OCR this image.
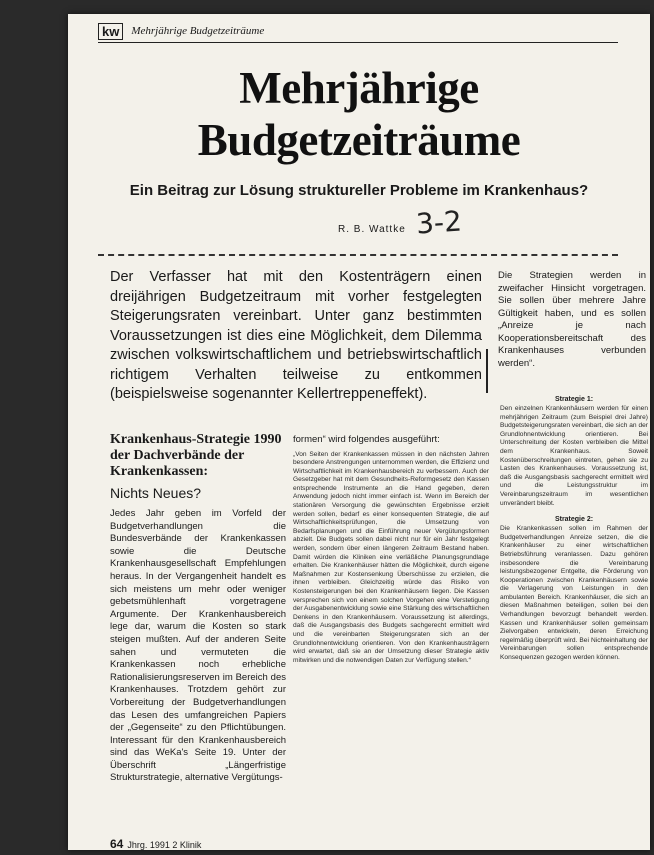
kw	Mehrjährige Budgetzeiträume
Mehrjährige
Budgetzeiträume
Ein Beitrag zur Lösung struktureller Probleme im Krankenhaus?
R. B. Wattke 3-2
Der Verfasser hat mit den Kostenträgern einen dreijährigen Budgetzeitraum mit vorher festgelegten Steigerungsraten vereinbart. Unter ganz bestimmten Voraussetzungen ist dies eine Möglichkeit, dem Dilemma zwischen volkswirtschaftlichem und betriebswirtschaftlich richtigem Verhalten teilweise zu entkommen (beispielsweise sogenannter Kellertreppeneffekt).
Die Strategien werden in zweifacher Hinsicht vorgetragen. Sie sollen über mehrere Jahre Gültigkeit haben, und es sollen „Anreize je nach Kooperationsbereitschaft des Krankenhauses verbunden werden“.
Krankenhaus-Strategie 1990 der Dachverbände der Krankenkassen:
Nichts Neues?
Jedes Jahr geben im Vorfeld der Budgetverhandlungen die Bundesverbände der Krankenkassen sowie die Deutsche Krankenhausgesellschaft Empfehlungen heraus. In der Vergangenheit handelt es sich meistens um mehr oder weniger gebetsmühlenhaft vorgetragene Argumente. Der Krankenhausbereich lege dar, warum die Kosten so stark steigen mußten. Auf der anderen Seite sahen und vermuteten die Krankenkassen noch erhebliche Rationalisierungsreserven im Bereich des Krankenhauses. Trotzdem gehört zur Vorbereitung der Budgetverhandlungen das Lesen des umfangreichen Papiers der „Gegenseite“ zu den Pflichtübungen. Interessant für den Krankenhausbereich sind das WeKa's Seite 19. Unter der Überschrift „Längerfristige Strukturstrategie, alternative Vergütungs-
formen“ wird folgendes ausgeführt:
„Von Seiten der Krankenkassen müssen in den nächsten Jahren besondere Anstrengungen unternommen werden, die Effizienz und Wirtschaftlichkeit im Krankenhausbereich zu verbessern. Auch der Gesetzgeber hat mit dem Gesundheits-Reformgesetz den Kassen entsprechende Instrumente an die Hand gegeben, deren Anwendung jedoch nicht immer einfach ist. Wenn im Bereich der stationären Versorgung die gewünschten Ergebnisse erzielt werden sollen, bedarf es einer konsequenten Strategie, die auf Wirtschaftlichkeitsprüfungen, die Umsetzung von Bedarfsplanungen und die Einführung neuer Vergütungsformen abzielt. Die Budgets sollen dabei nicht nur für ein Jahr festgelegt werden, sondern über einen längeren Zeitraum Bestand haben. Damit würden die Kliniken eine verläßliche Planungsgrundlage erhalten. Die Krankenhäuser hätten die Möglichkeit, durch eigene Maßnahmen zur Kostensenkung Überschüsse zu erzielen, die ihnen verbleiben. Gleichzeitig würde das Risiko von Kostensteigerungen bei den Krankenhäusern liegen. Die Kassen versprechen sich von einem solchen Vorgehen eine Verstetigung der Ausgabenentwicklung sowie eine Stärkung des wirtschaftlichen Denkens in den Krankenhäusern. Voraussetzung ist allerdings, daß die Ausgangsbasis des Budgets sachgerecht ermittelt wird und die vereinbarten Steigerungsraten sich an der Grundlohnentwicklung orientieren. Von den Krankenhausträgern wird erwartet, daß sie an der Umsetzung dieser Strategie aktiv mitwirken und die notwendigen Daten zur Verfügung stellen.“
Strategie 1:
Den einzelnen Krankenhäusern werden für einen mehrjährigen Zeitraum (zum Beispiel drei Jahre) Budgetsteigerungsraten vereinbart, die sich an der Grundlohnentwicklung orientieren. Bei Unterschreitung der Kosten verbleiben die Mittel dem Krankenhaus. Soweit Kostenüberschreitungen eintreten, gehen sie zu Lasten des Krankenhauses. Voraussetzung ist, daß die Ausgangsbasis sachgerecht ermittelt wird und die Leistungsstruktur im Vereinbarungszeitraum im wesentlichen unverändert bleibt.
Strategie 2:
Die Krankenkassen sollen im Rahmen der Budgetverhandlungen Anreize setzen, die die Krankenhäuser zu einer wirtschaftlichen Betriebsführung veranlassen. Dazu gehören insbesondere die Vereinbarung leistungsbezogener Entgelte, die Förderung von Kooperationen zwischen Krankenhäusern sowie die Verlagerung von Leistungen in den ambulanten Bereich. Krankenhäuser, die sich an diesen Maßnahmen beteiligen, sollen bei den Verhandlungen bevorzugt behandelt werden. Kassen und Krankenhäuser sollen gemeinsam Zielvorgaben entwickeln, deren Erreichung regelmäßig überprüft wird. Bei Nichteinhaltung der Vereinbarungen sollen entsprechende Konsequenzen gezogen werden können.
64 Jhrg. 1991 2 Klinik
